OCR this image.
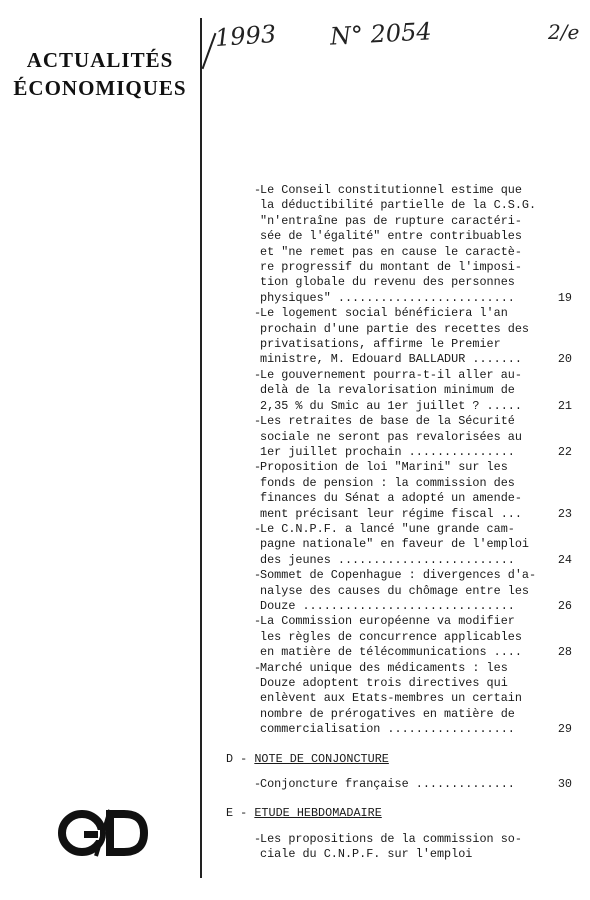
ACTUALITÉS
ÉCONOMIQUES
1993 N° 2054	2/e
-
Le Conseil constitutionnel estime que
la déductibilité partielle de la C.S.G.
"n'entraîne pas de rupture caractéri-
sée de l'égalité" entre contribuables
et "ne remet pas en cause le caractè-
re progressif du montant de l'imposi-
tion globale du revenu des personnes
physiques" .........................	19
-
Le logement social bénéficiera l'an
prochain d'une partie des recettes des
privatisations, affirme le Premier
ministre, M. Edouard BALLADUR .......	20
-
Le gouvernement pourra-t-il aller au-
delà de la revalorisation minimum de
2,35 % du Smic au 1er juillet ? .....	21
-
Les retraites de base de la Sécurité
sociale ne seront pas revalorisées au
1er juillet prochain ...............	22
-
Proposition de loi "Marini" sur les
fonds de pension : la commission des
finances du Sénat a adopté un amende-
ment précisant leur régime fiscal ...	23
-
Le C.N.P.F. a lancé "une grande cam-
pagne nationale" en faveur de l'emploi
des jeunes .........................	24
-
Sommet de Copenhague : divergences d'a-
nalyse des causes du chômage entre les
Douze ..............................	26
-
La Commission européenne va modifier
les règles de concurrence applicables
en matière de télécommunications ....	28
-
Marché unique des médicaments : les
Douze adoptent trois directives qui
enlèvent aux Etats-membres un certain
nombre de prérogatives en matière de
commercialisation ..................	29
D - NOTE DE CONJONCTURE
-
Conjoncture française ..............	30
E - ETUDE HEBDOMADAIRE
-
Les propositions de la commission so-
ciale du C.N.P.F. sur l'emploi
G/D
